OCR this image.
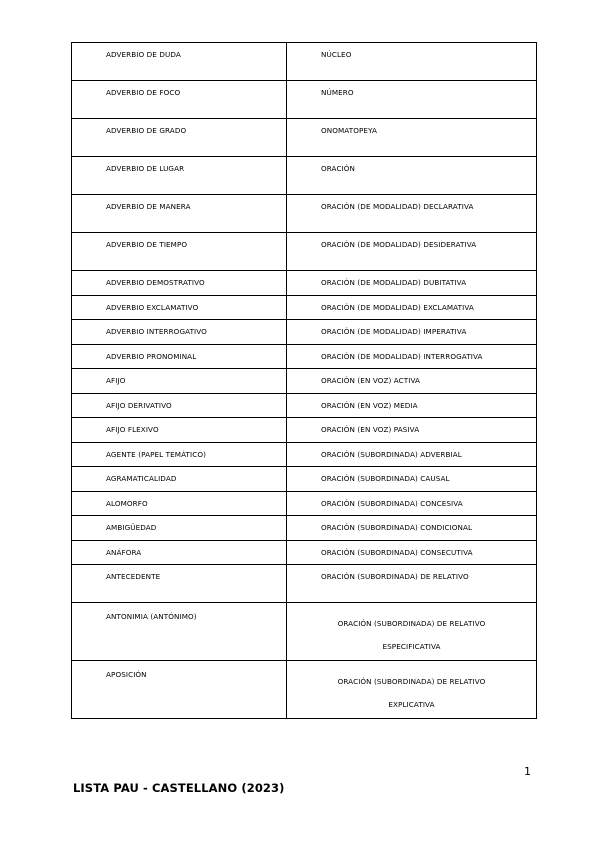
ADVERBIO DE DUDA	NÚCLEO
ADVERBIO DE FOCO	NÚMERO
ADVERBIO DE GRADO	ONOMATOPEYA
ADVERBIO DE LUGAR	ORACIÓN
ADVERBIO DE MANERA	ORACIÓN (DE MODALIDAD) DECLARATIVA
ADVERBIO DE TIEMPO	ORACIÓN (DE MODALIDAD) DESIDERATIVA
ADVERBIO DEMOSTRATIVO	ORACIÓN (DE MODALIDAD) DUBITATIVA
ADVERBIO EXCLAMATIVO	ORACIÓN (DE MODALIDAD) EXCLAMATIVA
ADVERBIO INTERROGATIVO	ORACIÓN (DE MODALIDAD) IMPERATIVA
ADVERBIO PRONOMINAL	ORACIÓN (DE MODALIDAD) INTERROGATIVA
AFIJO	ORACIÓN (EN VOZ) ACTIVA
AFIJO DERIVATIVO	ORACIÓN (EN VOZ) MEDIA
AFIJO FLEXIVO	ORACIÓN (EN VOZ) PASIVA
AGENTE (PAPEL TEMÁTICO)	ORACIÓN (SUBORDINADA) ADVERBIAL
AGRAMATICALIDAD	ORACIÓN (SUBORDINADA) CAUSAL
ALOMORFO	ORACIÓN (SUBORDINADA) CONCESIVA
AMBIGÜEDAD	ORACIÓN (SUBORDINADA) CONDICIONAL
ANÁFORA	ORACIÓN (SUBORDINADA) CONSECUTIVA
ANTECEDENTE	ORACIÓN (SUBORDINADA) DE RELATIVO
ANTONIMIA (ANTÓNIMO)	ORACIÓN (SUBORDINADA) DE RELATIVO
ESPECIFICATIVA
APOSICIÓN	ORACIÓN (SUBORDINADA) DE RELATIVO
EXPLICATIVA
1
LISTA PAU - CASTELLANO (2023)
